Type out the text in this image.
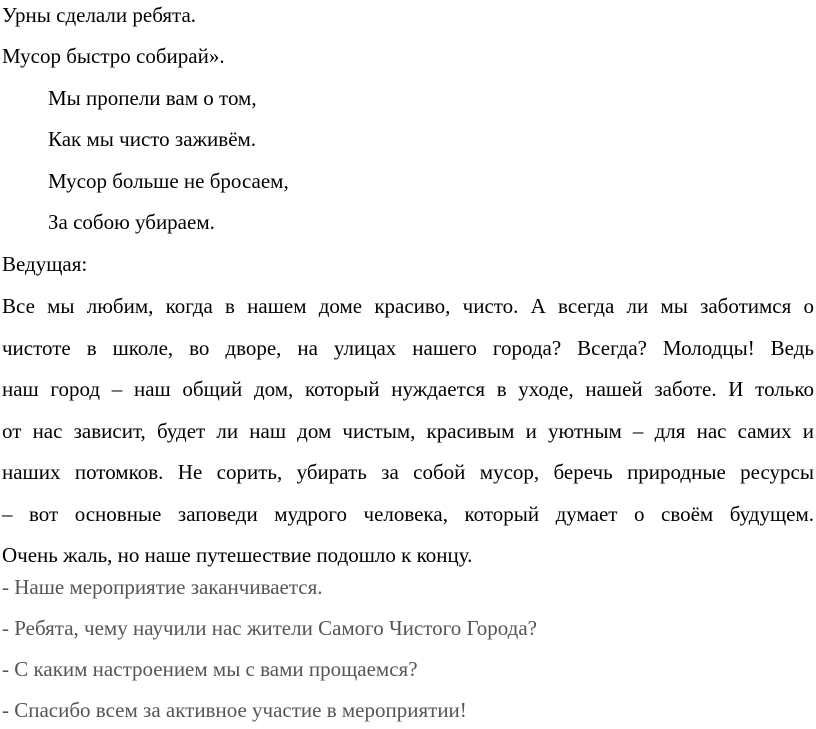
Урны сделали ребята.
Мусор быстро собирай».
Мы пропели вам о том,
Как мы чисто заживём.
Мусор больше не бросаем,
За собою убираем.
Ведущая:
Все мы любим, когда в нашем доме красиво, чисто. А всегда ли мы заботимся о
чистоте в школе, во дворе, на улицах нашего города? Всегда? Молодцы! Ведь
наш город – наш общий дом, который нуждается в уходе, нашей заботе. И только
от нас зависит, будет ли наш дом чистым, красивым и уютным – для нас самих и
наших потомков. Не сорить, убирать за собой мусор, беречь природные ресурсы
– вот основные заповеди мудрого человека, который думает о своём будущем.
Очень жаль, но наше путешествие подошло к концу.
- Наше мероприятие заканчивается.
- Ребята, чему научили нас жители Самого Чистого Города?
- С каким настроением мы с вами прощаемся?
- Спасибо всем за активное участие в мероприятии!
